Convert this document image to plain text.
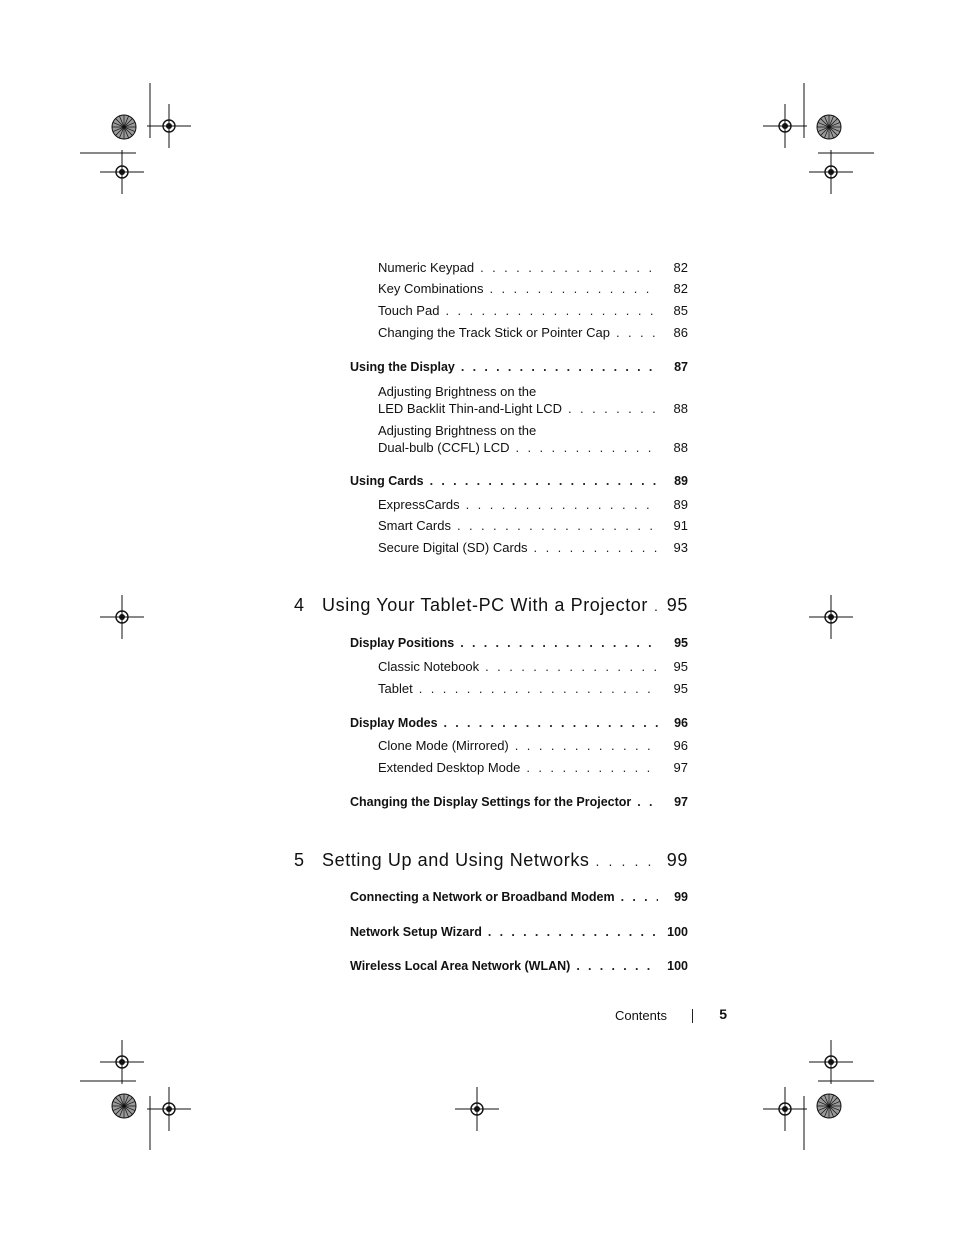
Numeric Keypad . . .	82
Key Combinations . . .	82
Touch Pad . . .	85
Changing the Track Stick or Pointer Cap . . .	86
Using the Display . . .	87
Adjusting Brightness on the
LED Backlit Thin-and-Light LCD . . .	88
Adjusting Brightness on the
Dual-bulb (CCFL) LCD . . .	88
Using Cards . . .	89
ExpressCards . . .	89
Smart Cards . . .	91
Secure Digital (SD) Cards . . .	93
4 Using Your Tablet-PC With a Projector . . . 95
Display Positions . . .	95
Classic Notebook . . .	95
Tablet . . .	95
Display Modes . . .	96
Clone Mode (Mirrored) . . .	96
Extended Desktop Mode . . .	97
Changing the Display Settings for the Projector . . .	97
5 Setting Up and Using Networks . . .	99
Connecting a Network or Broadband Modem . . .	99
Network Setup Wizard . . .	100
Wireless Local Area Network (WLAN) . . .	100
Contents	5
